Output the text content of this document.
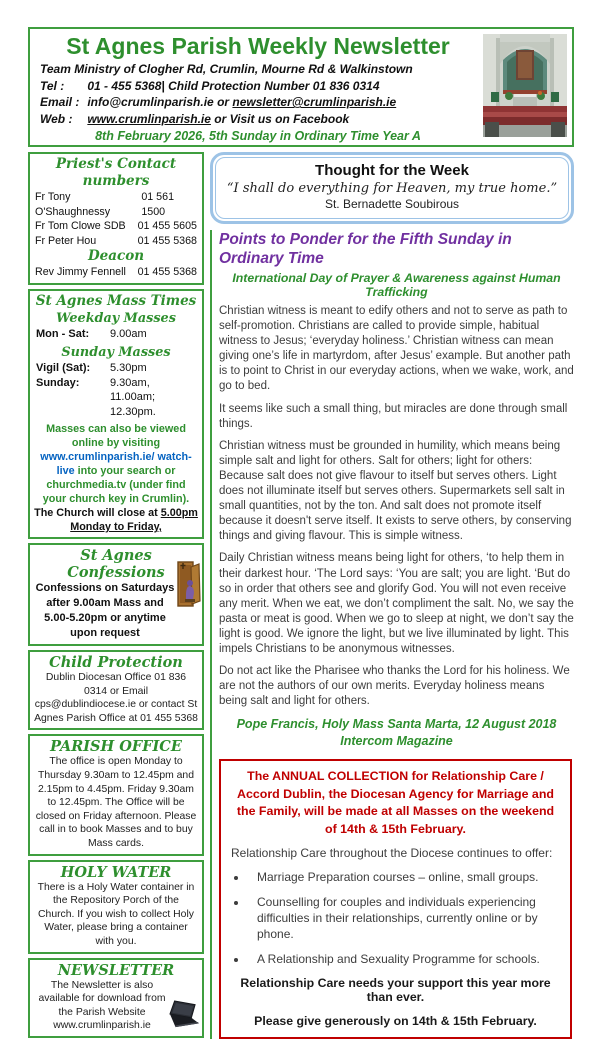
St Agnes Parish Weekly Newsletter
Team Ministry of Clogher Rd, Crumlin, Mourne Rd & Walkinstown
Tel : 01 - 455 5368| Child Protection Number 01 836 0314
Email : info@crumlinparish.ie or newsletter@crumlinparish.ie
Web : www.crumlinparish.ie or Visit us on Facebook
8th February 2026, 5th Sunday in Ordinary Time Year A
Priest's Contact numbers
Fr Tony O'Shaughnessy
01 561 1500
Fr Tom Clowe SDB 01 455 5605
Fr Peter Hou	01 455 5368
Deacon
Rev Jimmy Fennell 01 455 5368
St Agnes Mass Times
Weekday Masses
Mon - Sat:	9.00am
Sunday Masses
Vigil (Sat):	5.30pm
Sunday:	9.30am, 11.00am; 12.30pm.
Masses can also be viewed online by visiting www.crumlinparish.ie/ watch-live into your search or churchmedia.tv (under find your church key in Crumlin).
The Church will close at 5.00pm Monday to Friday,
St Agnes Confessions
Confessions on Saturdays after 9.00am Mass and 5.00-5.20pm or anytime upon request
Child Protection
Dublin Diocesan Office 01 836 0314 or Email cps@dublindiocese.ie or contact St Agnes Parish Office at 01 455 5368
PARISH OFFICE
The office is open Monday to Thursday 9.30am to 12.45pm and 2.15pm to 4.45pm. Friday 9.30am to 12.45pm. The Office will be closed on Friday afternoon. Please call in to book Masses and to buy Mass cards.
HOLY WATER
There is a Holy Water container in the Repository Porch of the Church. If you wish to collect Holy Water, please bring a container with you.
NEWSLETTER
The Newsletter is also available for download from the Parish Website www.crumlinparish.ie
Thought for the Week
“I shall do everything for Heaven, my true home.”
St. Bernadette Soubirous
Points to Ponder for the Fifth Sunday in Ordinary Time
International Day of Prayer & Awareness against Human Trafficking

Christian witness is meant to edify others and not to serve as path to self-promotion. Christians are called to provide simple, habitual witness to Jesus; ‘everyday holiness.’ Christian witness can mean giving one’s life in martyrdom, after Jesus’ example. But another path is to point to Christ in our everyday actions, when we wake, work, and go to bed.

It seems like such a small thing, but miracles are done through small things.

Christian witness must be grounded in humility, which means being simple salt and light for others. Salt for others; light for others: Because salt does not give flavour to itself but serves others. Light does not illuminate itself but serves others. Supermarkets sell salt in small quantities, not by the ton. And salt does not promote itself because it doesn't serve itself. It exists to serve others, by conserving things and giving flavour. This is simple witness.

Daily Christian witness means being light for others, ‘to help them in their darkest hour. ‘The Lord says: ‘You are salt; you are light. ‘But do so in order that others see and glorify God. You will not even receive any merit. When we eat, we don’t compliment the salt. No, we say the pasta or meat is good. When we go to sleep at night, we don’t say the light is good. We ignore the light, but we live illuminated by light. This impels Christians to be anonymous witnesses.

Do not act like the Pharisee who thanks the Lord for his holiness. We are not the authors of our own merits. Everyday holiness means being salt and light for others.

Pope Francis, Holy Mass Santa Marta, 12 August 2018
Intercom Magazine
The ANNUAL COLLECTION for Relationship Care / Accord Dublin, the Diocesan Agency for Marriage and the Family, will be made at all Masses on the weekend of 14th & 15th February.
Relationship Care throughout the Diocese continues to offer:
• Marriage Preparation courses – online, small groups.
• Counselling for couples and individuals experiencing difficulties in their relationships, currently online or by phone.
• A Relationship and Sexuality Programme for schools.
Relationship Care needs your support this year more than ever.
Please give generously on 14th & 15th February.
